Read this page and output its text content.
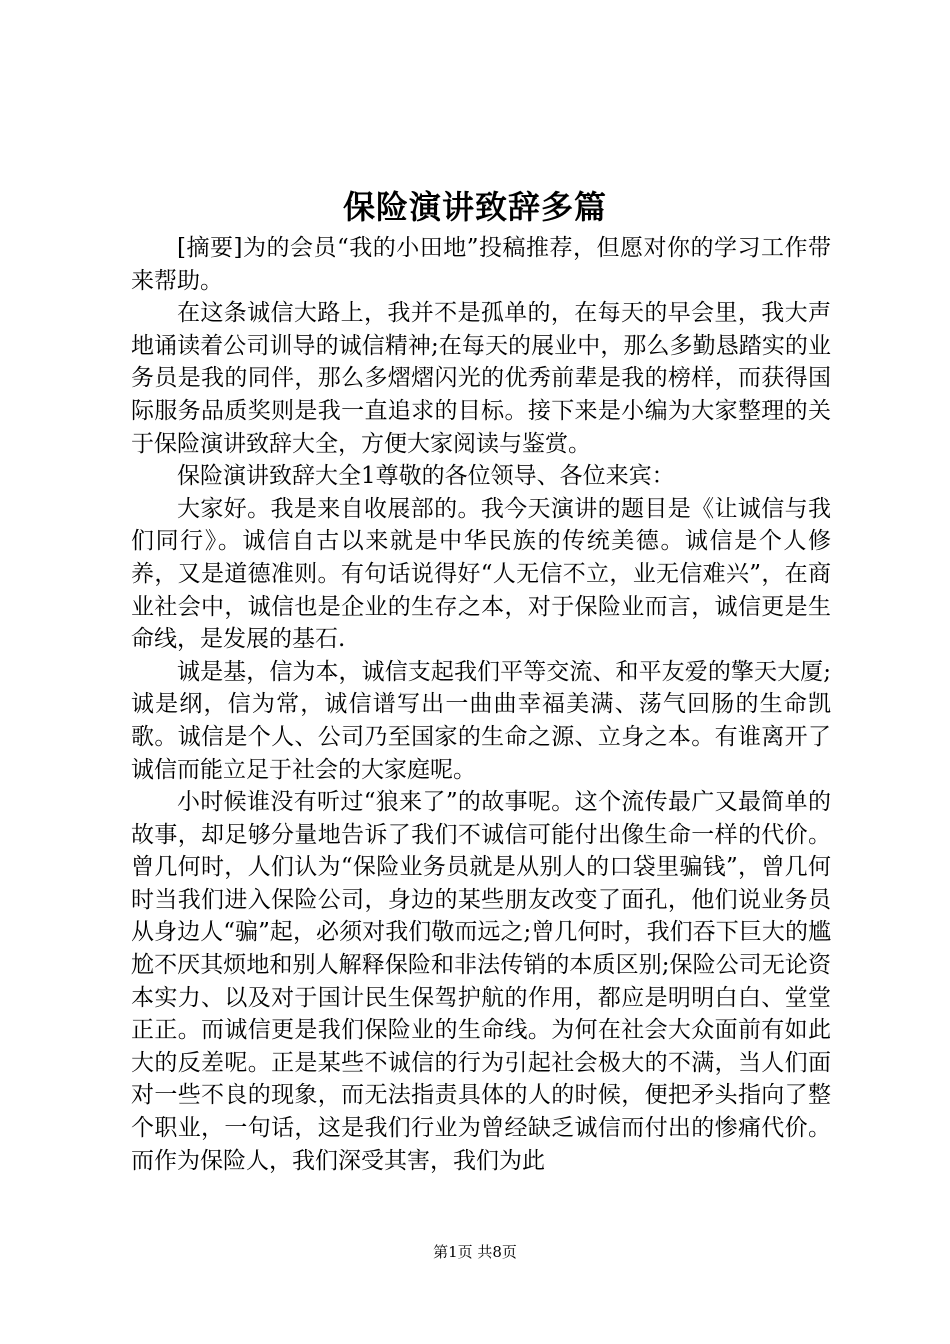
保险演讲致辞多篇

[摘要]为的会员“我的小田地”投稿推荐，但愿对你的学习工作带来帮助。

在这条诚信大路上，我并不是孤单的，在每天的早会里，我大声地诵读着公司训导的诚信精神;在每天的展业中，那么多勤恳踏实的业务员是我的同伴，那么多熠熠闪光的优秀前辈是我的榜样，而获得国际服务品质奖则是我一直追求的目标。接下来是小编为大家整理的关于保险演讲致辞大全，方便大家阅读与鉴赏。

保险演讲致辞大全1尊敬的各位领导、各位来宾：

大家好。我是来自收展部的。我今天演讲的题目是《让诚信与我们同行》。诚信自古以来就是中华民族的传统美德。诚信是个人修养，又是道德准则。有句话说得好“人无信不立，业无信难兴”，在商业社会中，诚信也是企业的生存之本，对于保险业而言，诚信更是生命线，是发展的基石.

诚是基，信为本，诚信支起我们平等交流、和平友爱的擎天大厦;诚是纲，信为常，诚信谱写出一曲曲幸福美满、荡气回肠的生命凯歌。诚信是个人、公司乃至国家的生命之源、立身之本。有谁离开了诚信而能立足于社会的大家庭呢。

小时候谁没有听过“狼来了”的故事呢。这个流传最广又最简单的故事，却足够分量地告诉了我们不诚信可能付出像生命一样的代价。曾几何时，人们认为“保险业务员就是从别人的口袋里骗钱”，曾几何时当我们进入保险公司，身边的某些朋友改变了面孔，他们说业务员从身边人“骗”起，必须对我们敬而远之;曾几何时，我们吞下巨大的尴尬不厌其烦地和别人解释保险和非法传销的本质区别;保险公司无论资本实力、以及对于国计民生保驾护航的作用，都应是明明白白、堂堂正正。而诚信更是我们保险业的生命线。为何在社会大众面前有如此大的反差呢。正是某些不诚信的行为引起社会极大的不满，当人们面对一些不良的现象，而无法指责具体的人的时候，便把矛头指向了整个职业，一句话，这是我们行业为曾经缺乏诚信而付出的惨痛代价。而作为保险人，我们深受其害，我们为此

第1页 共8页
